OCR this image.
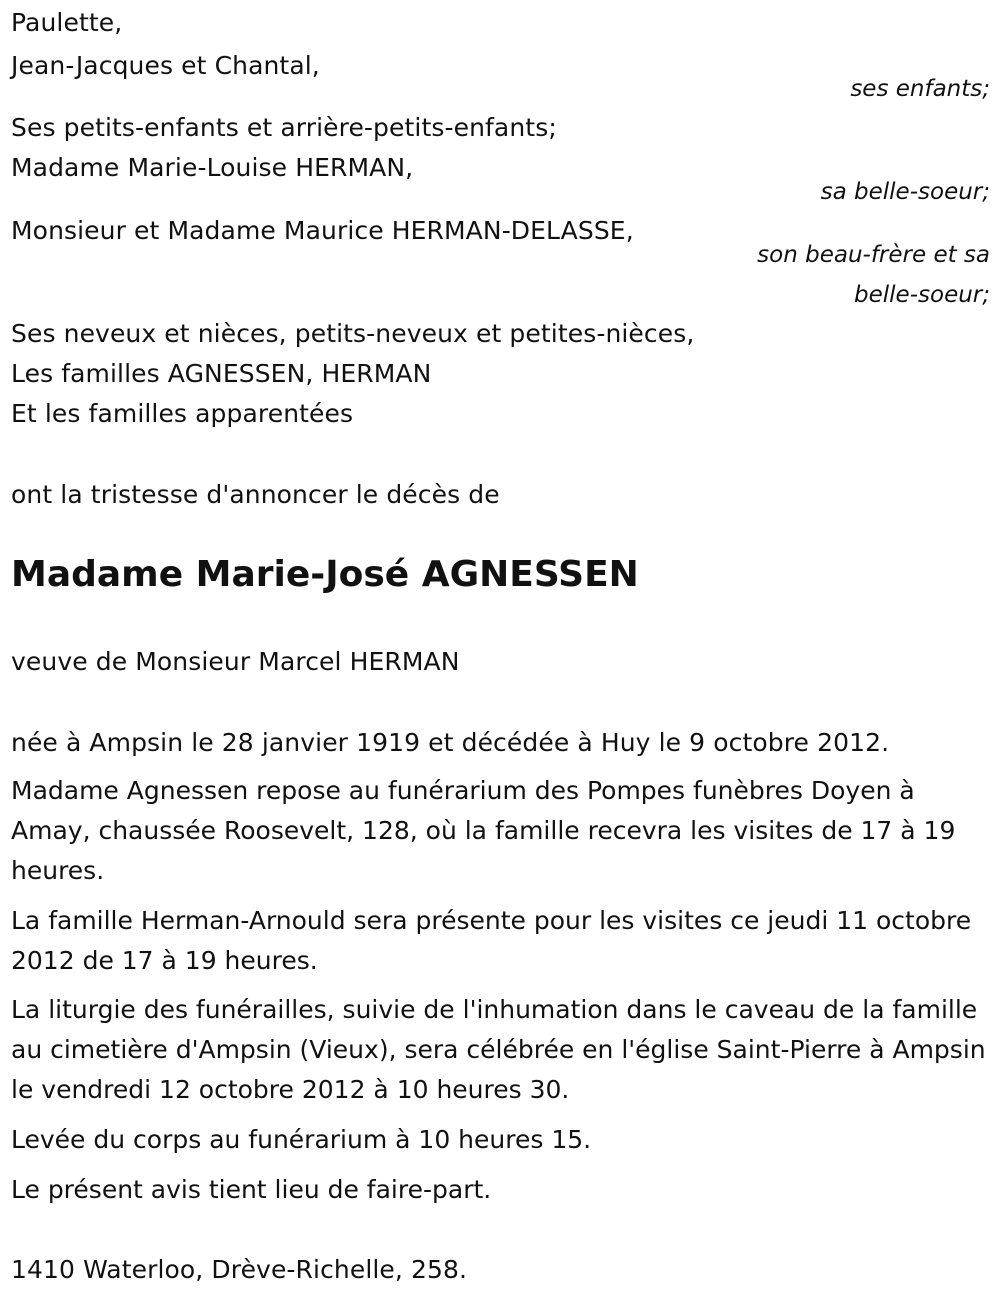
Paulette,
Jean-Jacques et Chantal,
ses enfants;
Ses petits-enfants et arrière-petits-enfants;
Madame Marie-Louise HERMAN,
sa belle-soeur;
Monsieur et Madame Maurice HERMAN-DELASSE,
son beau-frère et sa
belle-soeur;
Ses neveux et nièces, petits-neveux et petites-nièces,
Les familles AGNESSEN, HERMAN
Et les familles apparentées
ont la tristesse d'annoncer le décès de
Madame Marie-José AGNESSEN
veuve de Monsieur Marcel HERMAN
née à Ampsin le 28 janvier 1919 et décédée à Huy le 9 octobre 2012.
Madame Agnessen repose au funérarium des Pompes funèbres Doyen à Amay, chaussée Roosevelt, 128, où la famille recevra les visites de 17 à 19 heures.
La famille Herman-Arnould sera présente pour les visites ce jeudi 11 octobre 2012 de 17 à 19 heures.
La liturgie des funérailles, suivie de l'inhumation dans le caveau de la famille au cimetière d'Ampsin (Vieux), sera célébrée en l'église Saint-Pierre à Ampsin le vendredi 12 octobre 2012 à 10 heures 30.
Levée du corps au funérarium à 10 heures 15.
Le présent avis tient lieu de faire-part.
1410 Waterloo, Drève-Richelle, 258.
